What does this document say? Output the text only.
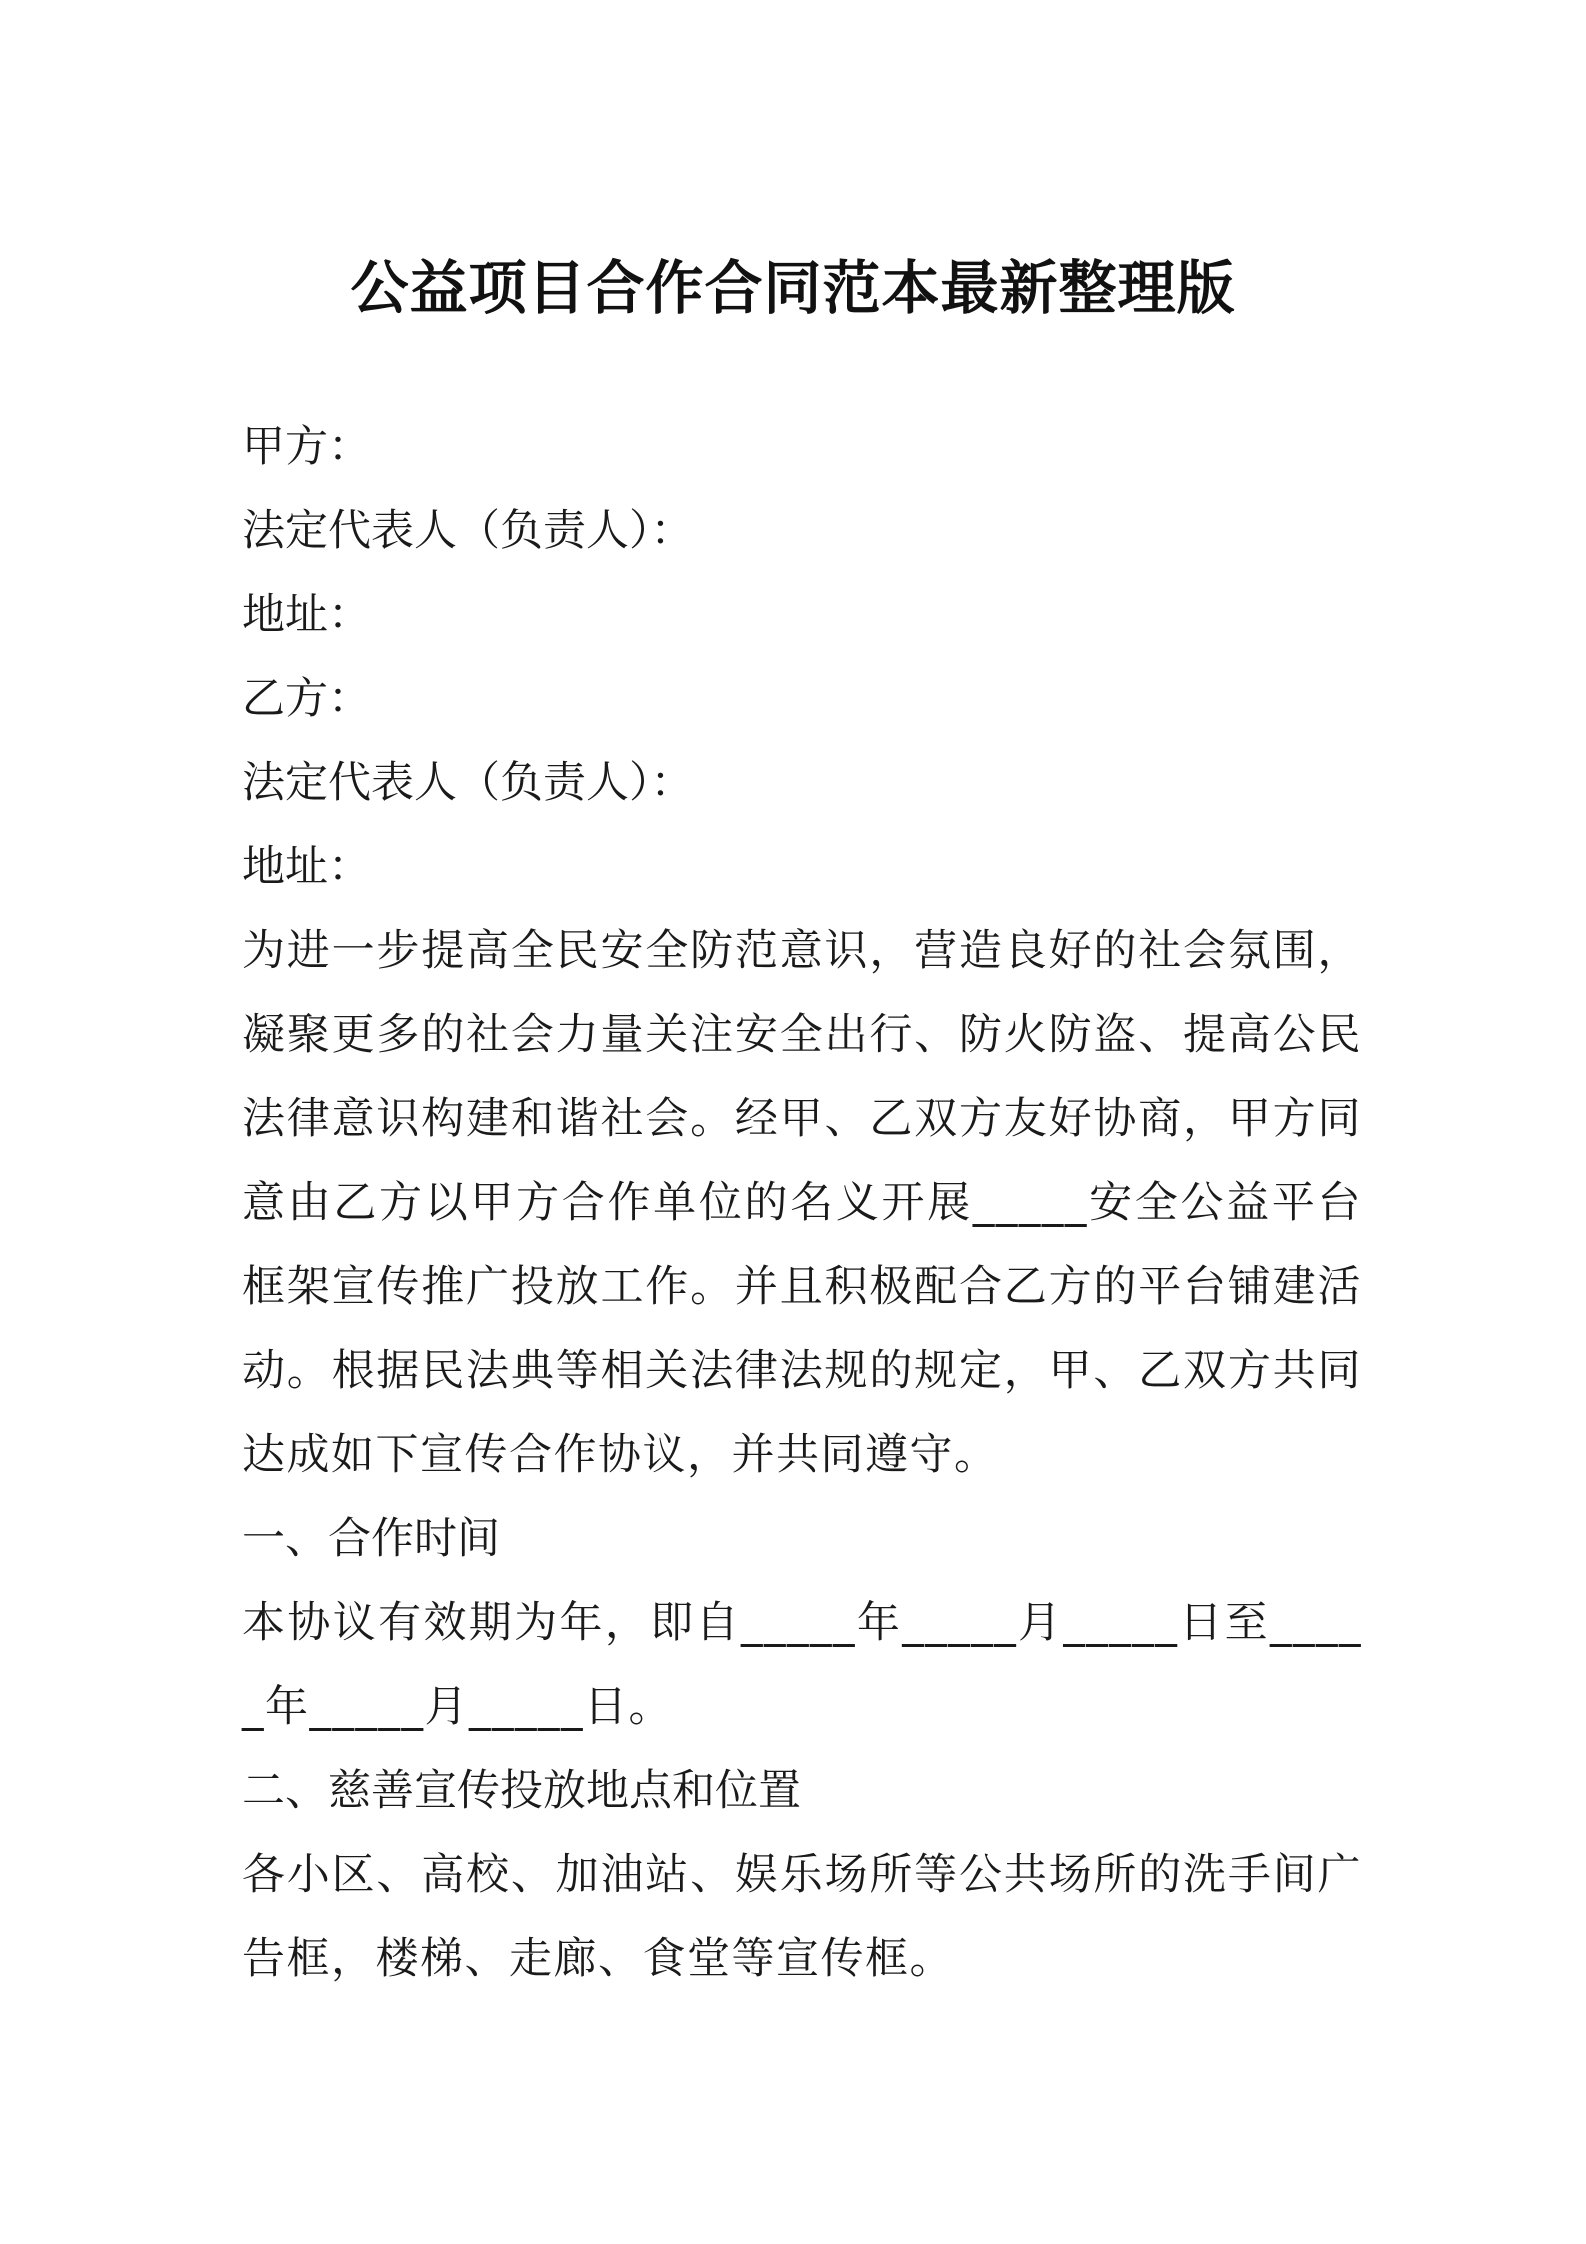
公益项目合作合同范本最新整理版
甲方：
法定代表人（负责人）：
地址：
乙方：
法定代表人（负责人）：
地址：
为进一步提高全民安全防范意识，营造良好的社会氛围，凝聚更多的社会力量关注安全出行、防火防盗、提高公民法律意识构建和谐社会。经甲、乙双方友好协商，甲方同意由乙方以甲方合作单位的名义开展_____安全公益平台框架宣传推广投放工作。并且积极配合乙方的平台铺建活动。根据民法典等相关法律法规的规定，甲、乙双方共同达成如下宣传合作协议，并共同遵守。
一、合作时间
本协议有效期为年，即自_____年_____月_____日至_____年_____月_____日。
二、慈善宣传投放地点和位置
各小区、高校、加油站、娱乐场所等公共场所的洗手间广告框，楼梯、走廊、食堂等宣传框。
